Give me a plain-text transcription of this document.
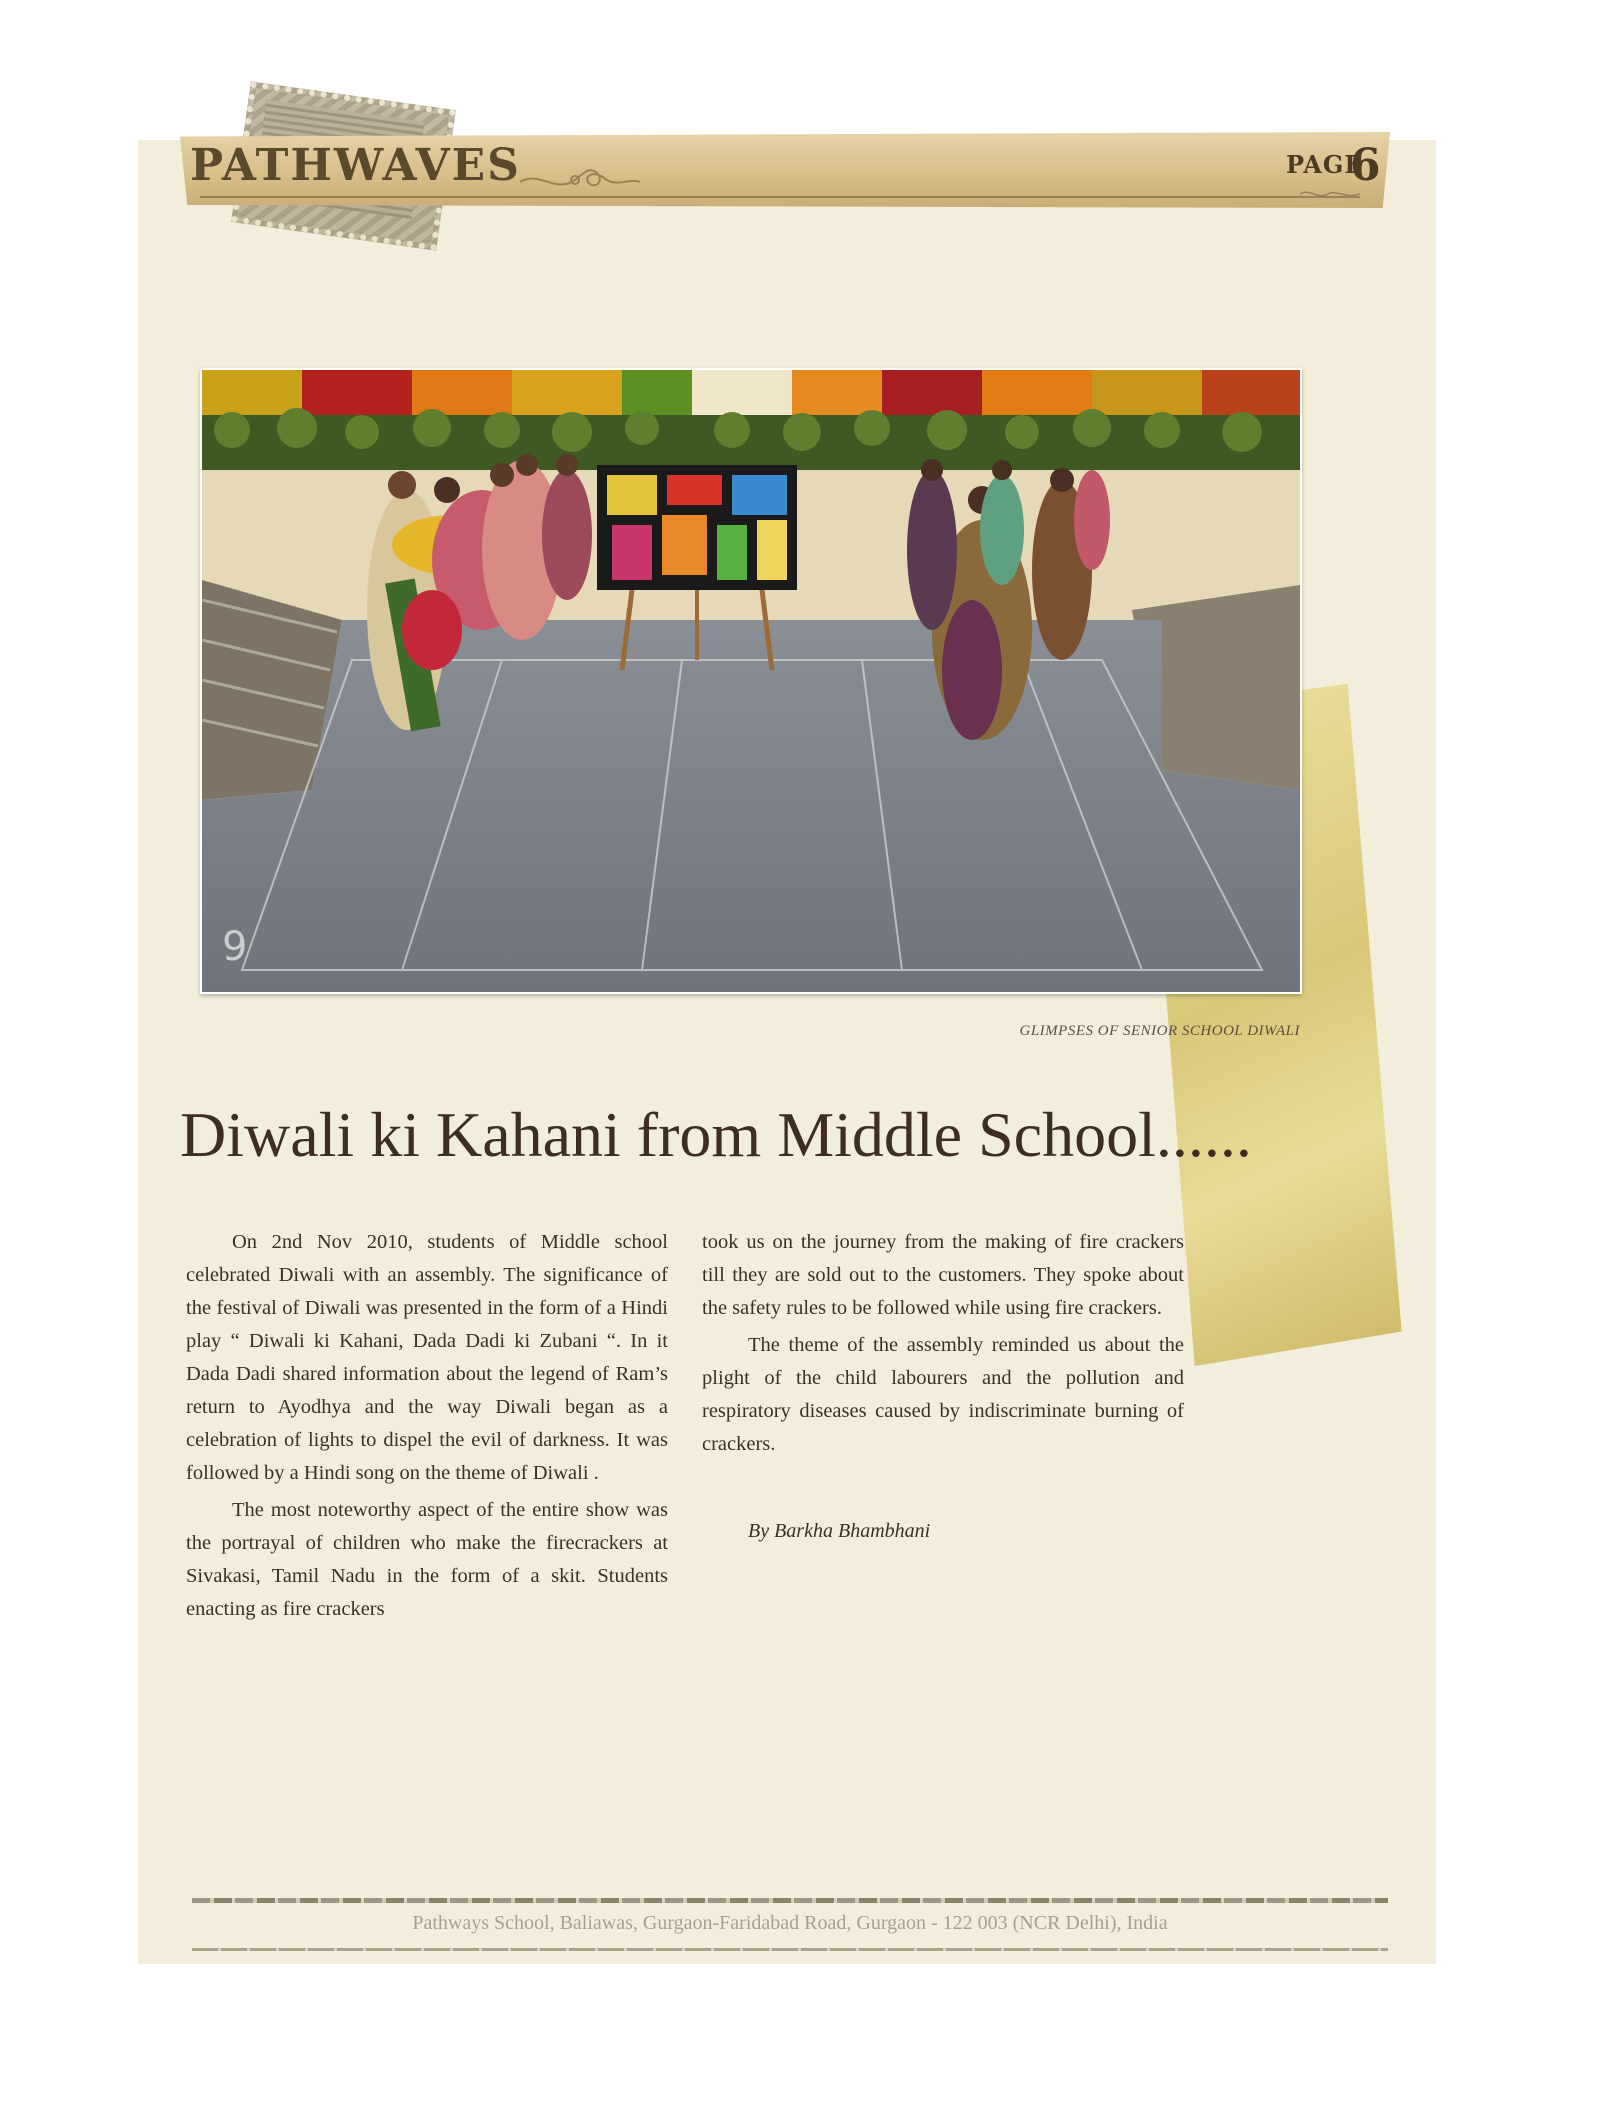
PATHWAVES	PAGE
6
9
GLIMPSES OF SENIOR SCHOOL DIWALI
Diwali ki Kahani from Middle School......

On 2nd Nov 2010, students of Middle school celebrated Diwali with an assembly. The significance of the festival of Diwali was presented in the form of a Hindi play “ Diwali ki Kahani, Dada Dadi ki Zubani “. In it Dada Dadi shared information about the legend of Ram’s return to Ayodhya and the way Diwali began as a celebration of lights to dispel the evil of darkness. It was followed by a Hindi song on the theme of Diwali .

The most noteworthy aspect of the entire show was the portrayal of children who make the firecrackers at Sivakasi, Tamil Nadu in the form of a skit. Students enacting as fire crackers

took us on the journey from the making of fire crackers till they are sold out to the customers. They spoke about the safety rules to be followed while using fire crackers.

The theme of the assembly reminded us about the plight of the child labourers and the pollution and respiratory diseases caused by indiscriminate burning of crackers.

By Barkha Bhambhani
Pathways School, Baliawas, Gurgaon-Faridabad Road, Gurgaon - 122 003 (NCR Delhi), India
